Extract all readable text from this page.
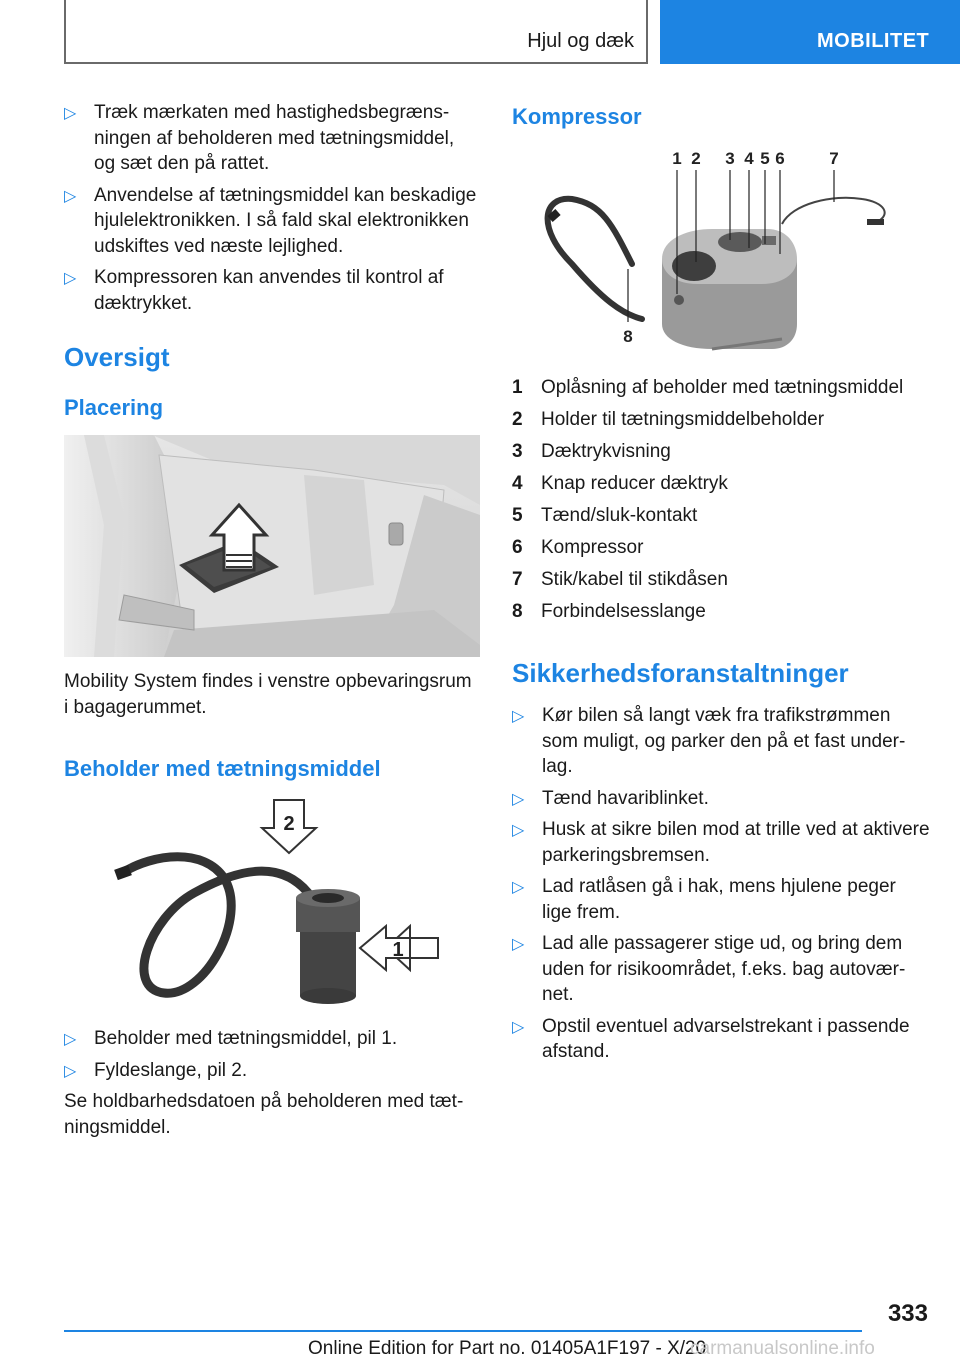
Hjul og dæk	MOBILITET
▷ Træk mærkaten med hastighedsbegræns-ningen af beholderen med tætningsmiddel, og sæt den på rattet.
▷ Anvendelse af tætningsmiddel kan beskadige hjulelektronikken. I så fald skal elektronikken udskiftes ved næste lejlighed.
▷ Kompressoren kan anvendes til kontrol af dæktrykket.
Oversigt
Placering

Mobility System findes i venstre opbevaringsrum i bagagerummet.

Beholder med tætningsmiddel
2
1
▷ Beholder med tætningsmiddel, pil 1.
▷ Fyldeslange, pil 2.

Se holdbarhedsdatoen på beholderen med tæt-ningsmiddel.

Kompressor
1 2 3 4 5 6	7
8
1 Oplåsning af beholder med tætningsmiddel
2 Holder til tætningsmiddelbeholder
3 Dæktrykvisning
4 Knap reducer dæktryk
5 Tænd/sluk-kontakt
6 Kompressor
7 Stik/kabel til stikdåsen
8 Forbindelsesslange
Sikkerhedsforanstaltninger
▷ Kør bilen så langt væk fra trafikstrømmen som muligt, og parker den på et fast under-lag.
▷ Tænd havariblinket.
▷ Husk at sikre bilen mod at trille ved at aktivere parkeringsbremsen.
▷ Lad ratlåsen gå i hak, mens hjulene peger lige frem.
▷ Lad alle passagerer stige ud, og bring dem uden for risikoområdet, f.eks. bag autovær-net.
▷ Opstil eventuel advarselstrekant i passende afstand.
333
Online Edition for Part no. 01405A1F197 - X/20
carmanualsonline.info
